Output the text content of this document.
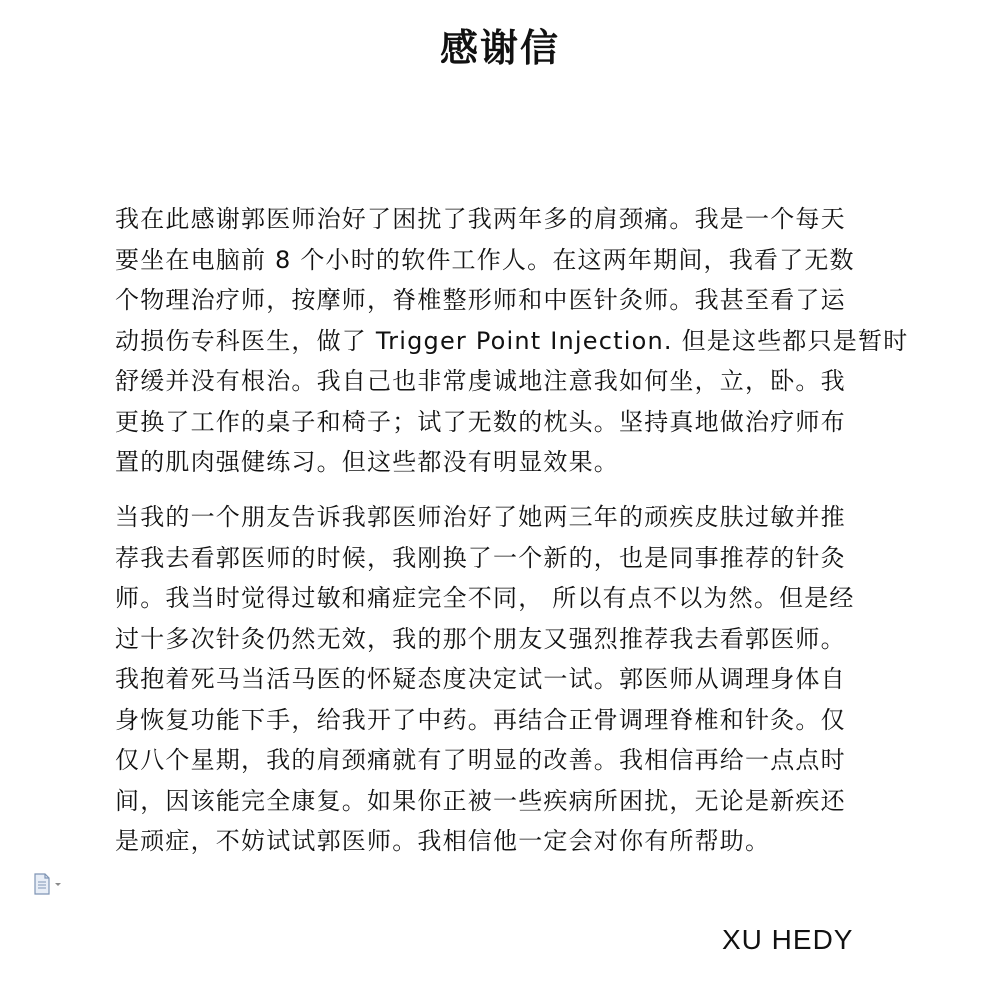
感谢信
我在此感谢郭医师治好了困扰了我两年多的肩颈痛。我是一个每天
要坐在电脑前 8 个小时的软件工作人。在这两年期间，我看了无数
个物理治疗师，按摩师，脊椎整形师和中医针灸师。我甚至看了运
动损伤专科医生，做了 Trigger Point Injection. 但是这些都只是暂时
舒缓并没有根治。我自己也非常虔诚地注意我如何坐，立，卧。我
更换了工作的桌子和椅子；试了无数的枕头。坚持真地做治疗师布
置的肌肉强健练习。但这些都没有明显效果。
当我的一个朋友告诉我郭医师治好了她两三年的顽疾皮肤过敏并推
荐我去看郭医师的时候，我刚换了一个新的，也是同事推荐的针灸
师。我当时觉得过敏和痛症完全不同， 所以有点不以为然。但是经
过十多次针灸仍然无效，我的那个朋友又强烈推荐我去看郭医师。
我抱着死马当活马医的怀疑态度决定试一试。郭医师从调理身体自
身恢复功能下手，给我开了中药。再结合正骨调理脊椎和针灸。仅
仅八个星期，我的肩颈痛就有了明显的改善。我相信再给一点点时
间，因该能完全康复。如果你正被一些疾病所困扰，无论是新疾还
是顽症，不妨试试郭医师。我相信他一定会对你有所帮助。
XU HEDY
